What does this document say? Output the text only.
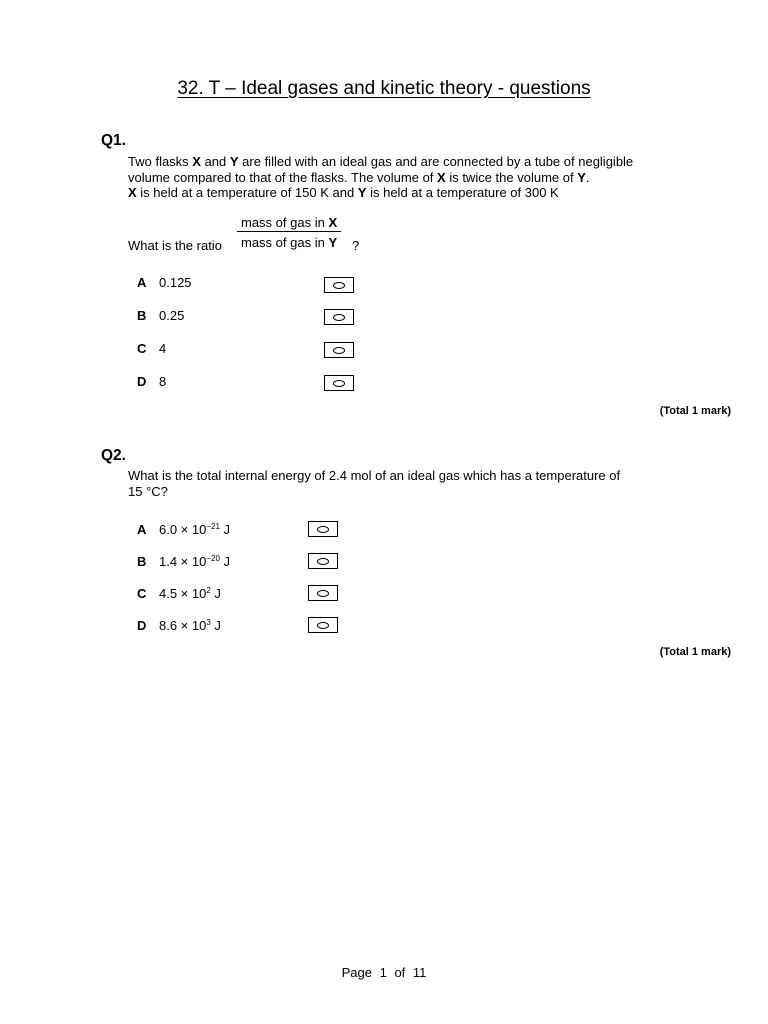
32. T – Ideal gases and kinetic theory - questions
Q1.

Two flasks X and Y are filled with an ideal gas and are connected by a tube of negligible

volume compared to that of the flasks. The volume of X is twice the volume of Y.

X is held at a temperature of 150 K and Y is held at a temperature of 300 K

What is the ratio
mass of gas in X
mass of gas in Y	?
A 0.125
B 0.25
C 4
D 8
(Total 1 mark)
Q2.

What is the total internal energy of 2.4 mol of an ideal gas which has a temperature of

15 °C?

A $6.0 \times 10^{-21}$ J
B $1.4 \times 10^{-20}$ J
C $4.5 \times 10^2$ J
D $8.6 \times 10^3$ J
(Total 1 mark)
Page 1 of 11
